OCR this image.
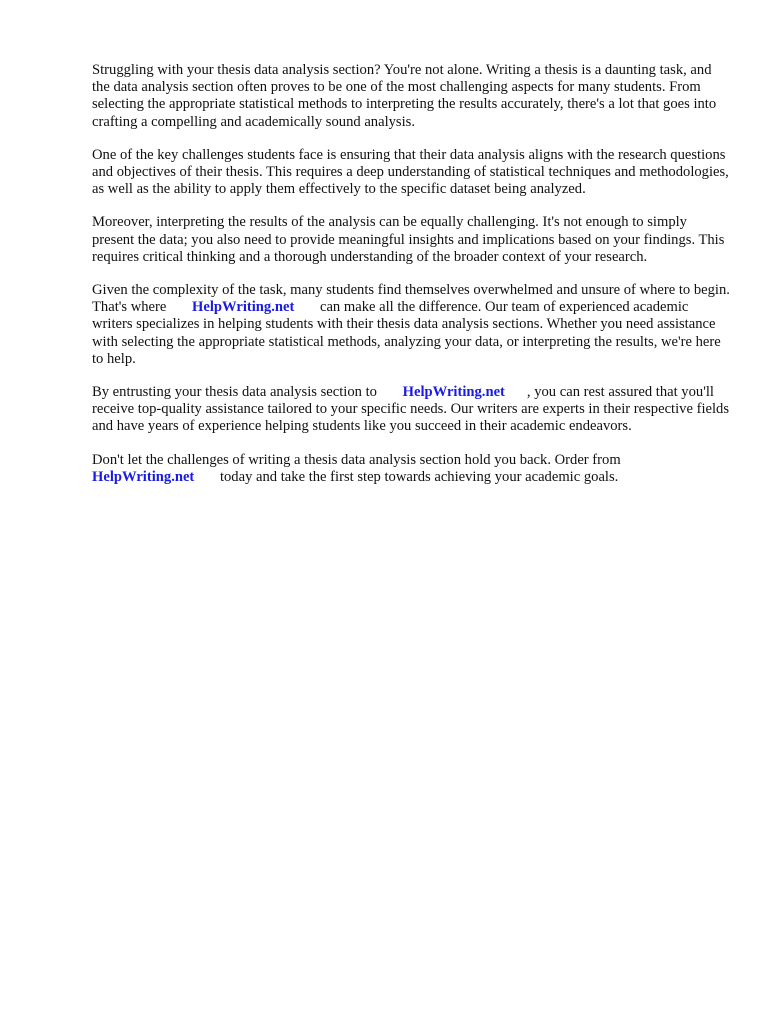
Struggling with your thesis data analysis section? You're not alone. Writing a thesis is a daunting task, and the data analysis section often proves to be one of the most challenging aspects for many students. From selecting the appropriate statistical methods to interpreting the results accurately, there's a lot that goes into crafting a compelling and academically sound analysis.

One of the key challenges students face is ensuring that their data analysis aligns with the research questions and objectives of their thesis. This requires a deep understanding of statistical techniques and methodologies, as well as the ability to apply them effectively to the specific dataset being analyzed.

Moreover, interpreting the results of the analysis can be equally challenging. It's not enough to simply present the data; you also need to provide meaningful insights and implications based on your findings. This requires critical thinking and a thorough understanding of the broader context of your research.

Given the complexity of the task, many students find themselves overwhelmed and unsure of where to begin. That's where HelpWriting.net can make all the difference. Our team of experienced academic writers specializes in helping students with their thesis data analysis sections. Whether you need assistance with selecting the appropriate statistical methods, analyzing your data, or interpreting the results, we're here to help.

By entrusting your thesis data analysis section to HelpWriting.net , you can rest assured that you'll receive top-quality assistance tailored to your specific needs. Our writers are experts in their respective fields and have years of experience helping students like you succeed in their academic endeavors.

Don't let the challenges of writing a thesis data analysis section hold you back. Order from
HelpWriting.net today and take the first step towards achieving your academic goals.
